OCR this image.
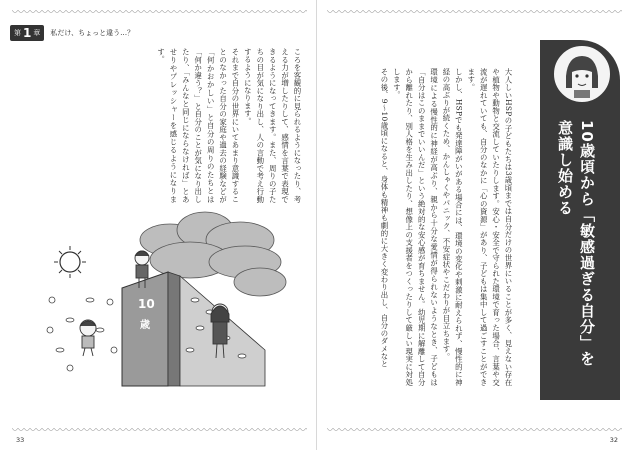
第 1 章 私だけ、ちょっと違う…？
ころを客観的に見られるようになったり、考える力が増したりして、感情を言葉で表現できるようになってきます。また、周りの子たちの目が気になり出し、人の言動で考え行動するようになります。
それまで自分の世界にいてあまり意識することのなかった自分の家庭や過去の経験などが「何かおかしい」と自分の周りのたちとは「何か違う？」と自分のことが気になり出したり、「みんなと同じにならなければ」とあせりやプレッシャーを感じるようになります。
10
歳
33
大人しいHSPの子どもたちは3歳頃までは自分だけの世界にいることが多く、見えない存在や植物や動物と交流していたりします。安心・安全で守られた環境で育った場合、言葉や交流が遅れていても、自分のなかに「心の資源」があり、子どもは集中して過ごすことができます。
しかし、HSPでも発達障がいがある場合には、環境の変化や刺激に耐えられず、慢性的に神経の高ぶりが続くため、かんしゃくやパニック、不安症状やこだわりが目立ちます。
環境による慢性的に神経が高ぶり、親から十分な愛情が得られないようなとき、子どもは「自分はこのままでいいんだ」という絶対的な安心感が育ちません。幼児期に解離して自分から離れたり、別人格を生み出したり、想像上の支援者をつくったりして厳しい現実に対処します。
その後、9〜10歳頃になると、身体も精神も劇的に大きく変わり出し、自分のダメなと	10歳頃から「敏感過ぎる自分」を
意識し始める
32
